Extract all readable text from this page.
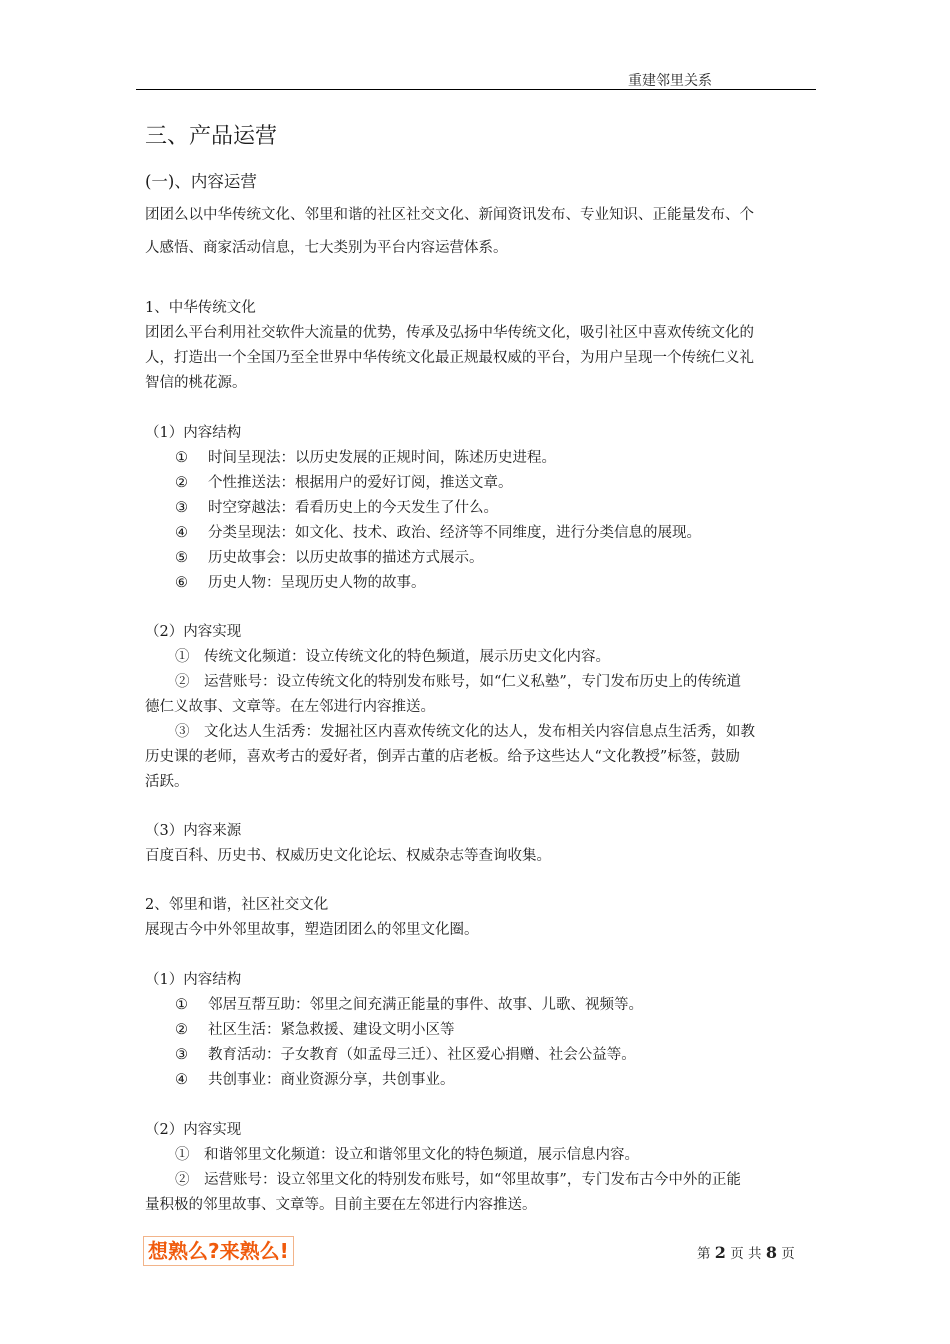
重建邻里关系
三、产品运营
(一)、内容运营
团团么以中华传统文化、邻里和谐的社区社交文化、新闻资讯发布、专业知识、正能量发布、个
人感悟、商家活动信息，七大类别为平台内容运营体系。
1、中华传统文化
团团么平台利用社交软件大流量的优势，传承及弘扬中华传统文化，吸引社区中喜欢传统文化的
人，打造出一个全国乃至全世界中华传统文化最正规最权威的平台，为用户呈现一个传统仁义礼
智信的桃花源。
（1）内容结构
① 时间呈现法：以历史发展的正规时间，陈述历史进程。
② 个性推送法：根据用户的爱好订阅，推送文章。
③ 时空穿越法：看看历史上的今天发生了什么。
④ 分类呈现法：如文化、技术、政治、经济等不同维度，进行分类信息的展现。
⑤ 历史故事会：以历史故事的描述方式展示。
⑥ 历史人物：呈现历史人物的故事。
（2）内容实现
①　传统文化频道：设立传统文化的特色频道，展示历史文化内容。
②　运营账号：设立传统文化的特别发布账号，如“仁义私塾”，专门发布历史上的传统道
德仁义故事、文章等。在左邻进行内容推送。
③　文化达人生活秀：发掘社区内喜欢传统文化的达人，发布相关内容信息点生活秀，如教
历史课的老师，喜欢考古的爱好者，倒弄古董的店老板。给予这些达人“文化教授”标签，鼓励
活跃。
（3）内容来源
百度百科、历史书、权威历史文化论坛、权威杂志等查询收集。
2、邻里和谐，社区社交文化
展现古今中外邻里故事，塑造团团么的邻里文化圈。
（1）内容结构
① 邻居互帮互助：邻里之间充满正能量的事件、故事、儿歌、视频等。
② 社区生活：紧急救援、建设文明小区等
③ 教育活动：子女教育（如孟母三迁）、社区爱心捐赠、社会公益等。
④ 共创事业：商业资源分享，共创事业。
（2）内容实现
①　和谐邻里文化频道：设立和谐邻里文化的特色频道，展示信息内容。
②　运营账号：设立邻里文化的特别发布账号，如“邻里故事”，专门发布古今中外的正能
量积极的邻里故事、文章等。目前主要在左邻进行内容推送。
想熟么?来熟么!	第 2 页 共 8 页
